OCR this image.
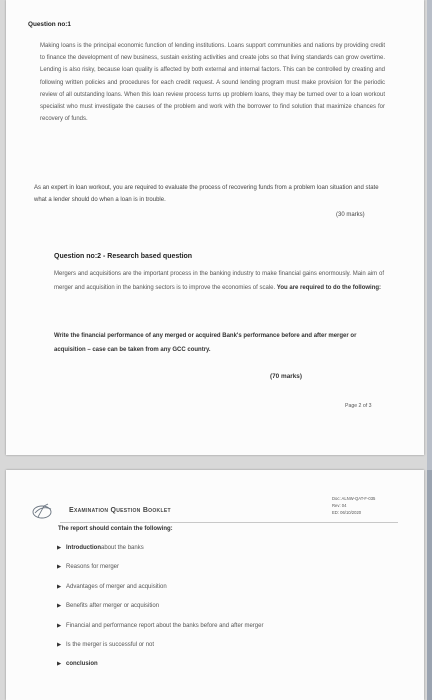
Question no:1
Making loans is the principal economic function of lending institutions. Loans support communities and nations by providing credit to finance the development of new business, sustain existing activities and create jobs so that living standards can grow overtime. Lending is also risky, because loan quality is affected by both external and internal factors. This can be controlled by creating and following written policies and procedures for each credit request. A sound lending program must make provision for the periodic review of all outstanding loans. When this loan review process turns up problem loans, they may be turned over to a loan workout specialist who must investigate the causes of the problem and work with the borrower to find solution that maximize chances for recovery of funds.
As an expert in loan workout, you are required to evaluate the process of recovering funds from a problem loan situation and state what a lender should do when a loan is in trouble.
(30 marks)
Question no:2 - Research based question
Mergers and acquisitions are the important process in the banking industry to make financial gains enormously. Main aim of merger and acquisition in the banking sectors is to improve the economies of scale. You are required to do the following:
Write the financial performance of any merged or acquired Bank's performance before and after merger or acquisition – case can be taken from any GCC country.
(70 marks)
Page 2 of 3
Examination Question Booklet
Doc: ALNW-QAT-F-035
Rev: 04
ED: 06/10/2020
The report should contain the following:
▶ Introduction about the banks
▶ Reasons for merger
▶ Advantages of merger and acquisition
▶ Benefits after merger or acquisition
▶ Financial and performance report about the banks before and after merger
▶ Is the merger is successful or not
▶ conclusion
